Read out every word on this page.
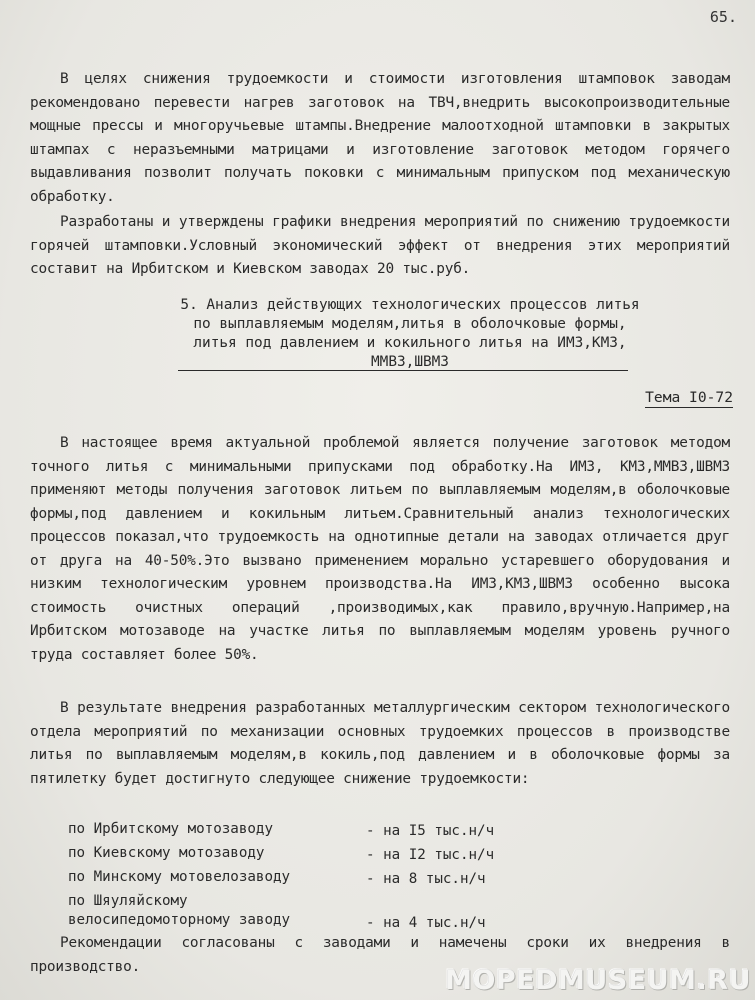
65.
В целях снижения трудоемкости и стоимости изготовления штамповок заводам рекомендовано перевести нагрев заготовок на ТВЧ,внедрить высокопроизводительные мощные прессы и многоручьевые штампы.Внедрение малоотходной штамповки в закрытых штампах с неразъемными матрицами и изготовление заготовок методом горячего выдавливания позволит получать поковки с минимальным припуском под механическую обработку.
Разработаны и утверждены графики внедрения мероприятий по снижению трудоемкости горячей штамповки.Условный экономический эффект от внедрения этих мероприятий составит на Ирбитском и Киевском заводах 20 тыс.руб.
5. Анализ действующих технологических процессов литья
по выплавляемым моделям,литья в оболочковые формы,
литья под давлением и кокильного литья на ИМЗ,КМЗ,
ММВЗ,ШВМЗ
Тема I0-72
В настоящее время актуальной проблемой является получение заготовок методом точного литья с минимальными припусками под обработку.На ИМЗ, КМЗ,ММВЗ,ШВМЗ применяют методы получения заготовок литьем по выплавляемым моделям,в оболочковые формы,под давлением и кокильным литьем.Сравнительный анализ технологических процессов показал,что трудоемкость на однотипные детали на заводах отличается друг от друга на 40-50%.Это вызвано применением морально устаревшего оборудования и низким технологическим уровнем производства.На ИМЗ,КМЗ,ШВМЗ особенно высока стоимость очистных операций ,производимых,как правило,вручную.Например,на Ирбитском мотозаводе на участке литья по выплавляемым моделям уровень ручного труда составляет более 50%.
В результате внедрения разработанных металлургическим сектором технологического отдела мероприятий по механизации основных трудоемких процессов в производстве литья по выплавляемым моделям,в кокиль,под давлением и в оболочковые формы за пятилетку будет достигнуто следующее снижение трудоемкости:
по Ирбитскому мотозаводу	- на I5 тыс.н/ч
по Киевскому мотозаводу	- на I2 тыс.н/ч
по Минскому мотовелозаводу	- на 8 тыс.н/ч
по Шяуляйскому велосипедомоторному заводу	- на 4 тыс.н/ч
Рекомендации согласованы с заводами и намечены сроки их внедрения в производство.	MOPEDMUSEUM.RU
